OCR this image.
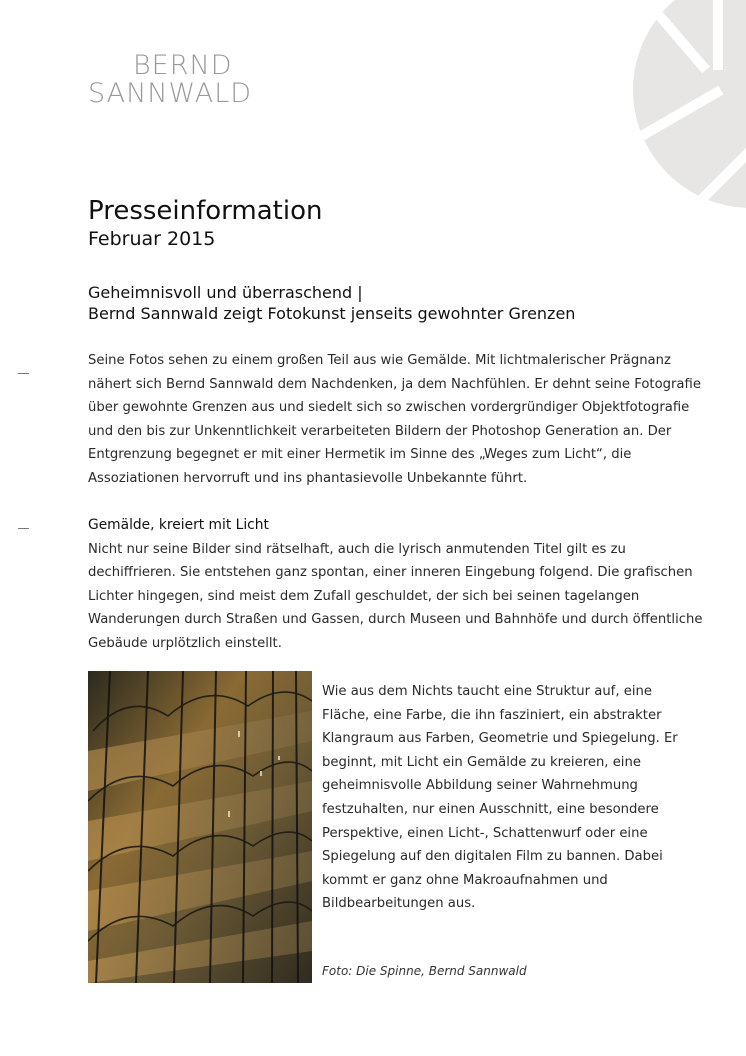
BERND
SANNWALD
Presseinformation
Februar 2015
Geheimnisvoll und überraschend |
Bernd Sannwald zeigt Fotokunst jenseits gewohnter Grenzen
Seine Fotos sehen zu einem großen Teil aus wie Gemälde. Mit lichtmalerischer Prägnanz
nähert sich Bernd Sannwald dem Nachdenken, ja dem Nachfühlen. Er dehnt seine Fotografie
über gewohnte Grenzen aus und siedelt sich so zwischen vordergründiger Objektfotografie
und den bis zur Unkenntlichkeit verarbeiteten Bildern der Photoshop Generation an. Der
Entgrenzung begegnet er mit einer Hermetik im Sinne des „Weges zum Licht“, die
Assoziationen hervorruft und ins phantasievolle Unbekannte führt.
Gemälde, kreiert mit Licht
Nicht nur seine Bilder sind rätselhaft, auch die lyrisch anmutenden Titel gilt es zu
dechiffrieren. Sie entstehen ganz spontan, einer inneren Eingebung folgend. Die grafischen
Lichter hingegen, sind meist dem Zufall geschuldet, der sich bei seinen tagelangen
Wanderungen durch Straßen und Gassen, durch Museen und Bahnhöfe und durch öffentliche
Gebäude urplötzlich einstellt.
Wie aus dem Nichts taucht eine Struktur auf, eine
Fläche, eine Farbe, die ihn fasziniert, ein abstrakter
Klangraum aus Farben, Geometrie und Spiegelung. Er
beginnt, mit Licht ein Gemälde zu kreieren, eine
geheimnisvolle Abbildung seiner Wahrnehmung
festzuhalten, nur einen Ausschnitt, eine besondere
Perspektive, einen Licht-, Schattenwurf oder eine
Spiegelung auf den digitalen Film zu bannen. Dabei
kommt er ganz ohne Makroaufnahmen und
Bildbearbeitungen aus.
Foto: Die Spinne, Bernd Sannwald
